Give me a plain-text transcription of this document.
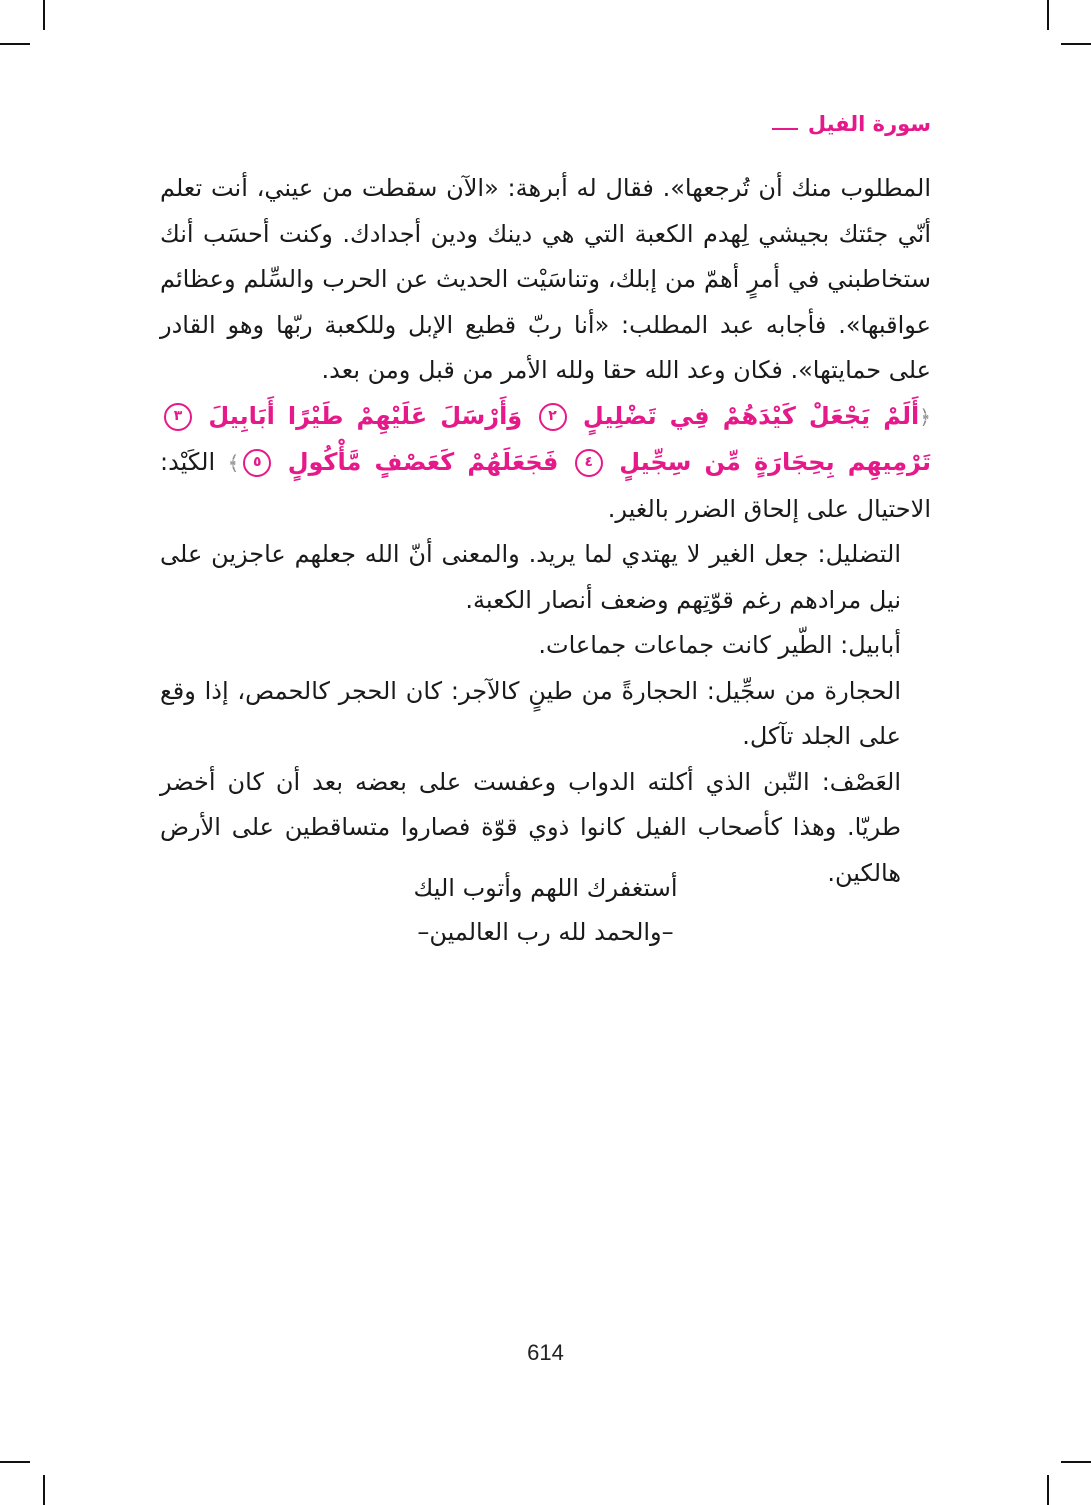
سورة الفيل

المطلوب منك أن تُرجعها». فقال له أبرهة: «الآن سقطت من عيني، أنت تعلم أنّي جئتك بجيشي لِهدم الكعبة التي هي دينك ودين أجدادك. وكنت أحسَب أنك ستخاطبني في أمرٍ أهمّ من إبلك، وتناسَيْت الحديث عن الحرب والسِّلم وعظائم عواقبها». فأجابه عبد المطلب: «أنا ربّ قطيع الإبل وللكعبة ربّها وهو القادر على حمايتها». فكان وعد الله حقا ولله الأمر من قبل ومن بعد.

﴿أَلَمْ يَجْعَلْ كَيْدَهُمْ فِي تَضْلِيلٍ ٢ وَأَرْسَلَ عَلَيْهِمْ طَيْرًا أَبَابِيلَ ٣ تَرْمِيهِم بِحِجَارَةٍ مِّن سِجِّيلٍ ٤ فَجَعَلَهُمْ كَعَصْفٍ مَّأْكُولٍ ٥﴾ الكَيْد: الاحتيال على إلحاق الضرر بالغير.

التضليل: جعل الغير لا يهتدي لما يريد. والمعنى أنّ الله جعلهم عاجزين على نيل مرادهم رغم قوّتِهم وضعف أنصار الكعبة.

أبابيل: الطّير كانت جماعات جماعات.

الحجارة من سجِّيل: الحجارةً من طينٍ كالآجر: كان الحجر كالحمص، إذا وقع على الجلد تآكل.

العَصْف: التّبن الذي أكلته الدواب وعفست على بعضه بعد أن كان أخضر طريّا. وهذا كأصحاب الفيل كانوا ذوي قوّة فصاروا متساقطين على الأرض هالكين.

أستغفرك اللهم وأتوب اليك
–والحمد لله رب العالمين–
614
